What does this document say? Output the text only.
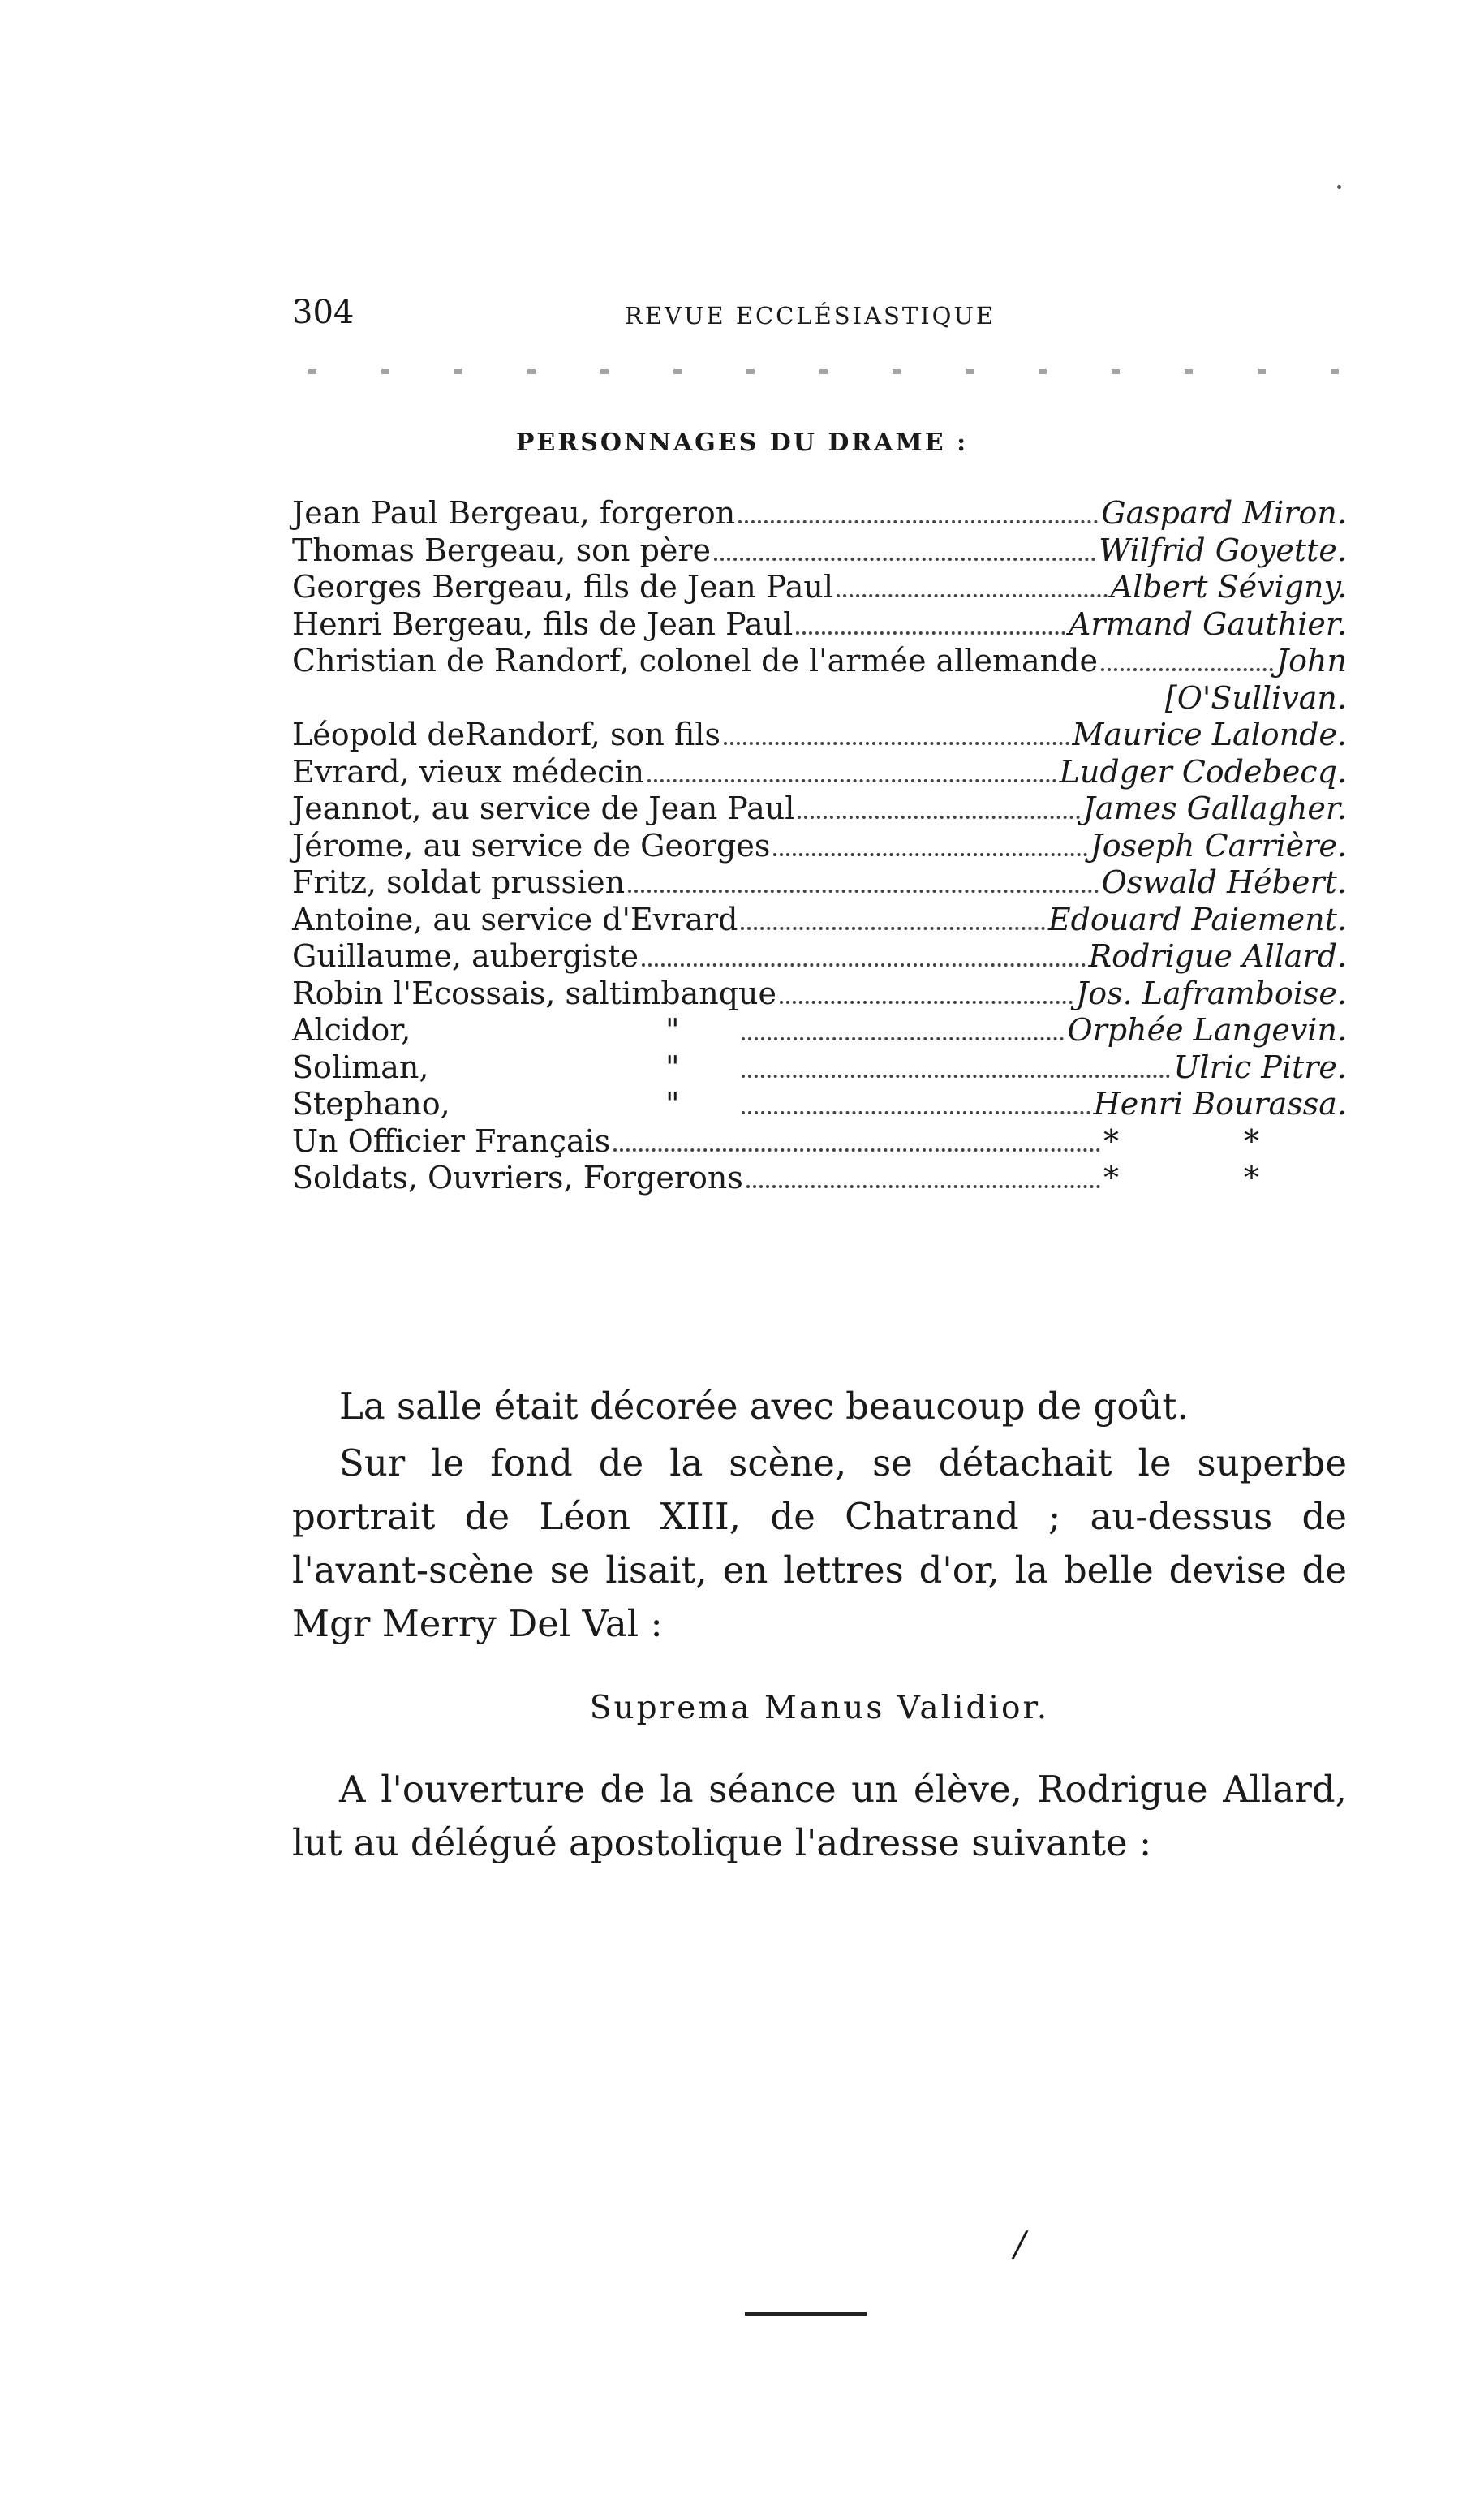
304	REVUE ECCLÉSIASTIQUE
PERSONNAGES DU DRAME :
Jean Paul Bergeau, forgeron	Gaspard Miron.
Thomas Bergeau, son père	Wilfrid Goyette.
Georges Bergeau, fils de Jean Paul	Albert Sévigny.
Henri Bergeau, fils de Jean Paul	Armand Gauthier.
Christian de Randorf, colonel de l'armée allemande	John
[O'Sullivan.
Léopold deRandorf, son fils	Maurice Lalonde.
Evrard, vieux médecin	Ludger Codebecq.
Jeannot, au service de Jean Paul	James Gallagher.
Jérome, au service de Georges	Joseph Carrière.
Fritz, soldat prussien	Oswald Hébert.
Antoine, au service d'Evrard	Edouard Paiement.
Guillaume, aubergiste	Rodrigue Allard.
Robin l'Ecossais, saltimbanque	Jos. Laframboise.
Alcidor,	"	Orphée Langevin.
Soliman,	"	Ulric Pitre.
Stephano,	"	Henri Bourassa.
Un Officier Français	*	*
Soldats, Ouvriers, Forgerons	*	*

La salle était décorée avec beaucoup de goût.

Sur le fond de la scène, se détachait le superbe portrait de Léon XIII, de Chatrand ; au-dessus de l'avant-scène se lisait, en lettres d'or, la belle devise de Mgr Merry Del Val :

Suprema Manus Validior.

A l'ouverture de la séance un élève, Rodrigue Allard, lut au délégué apostolique l'adresse suivante :

/
